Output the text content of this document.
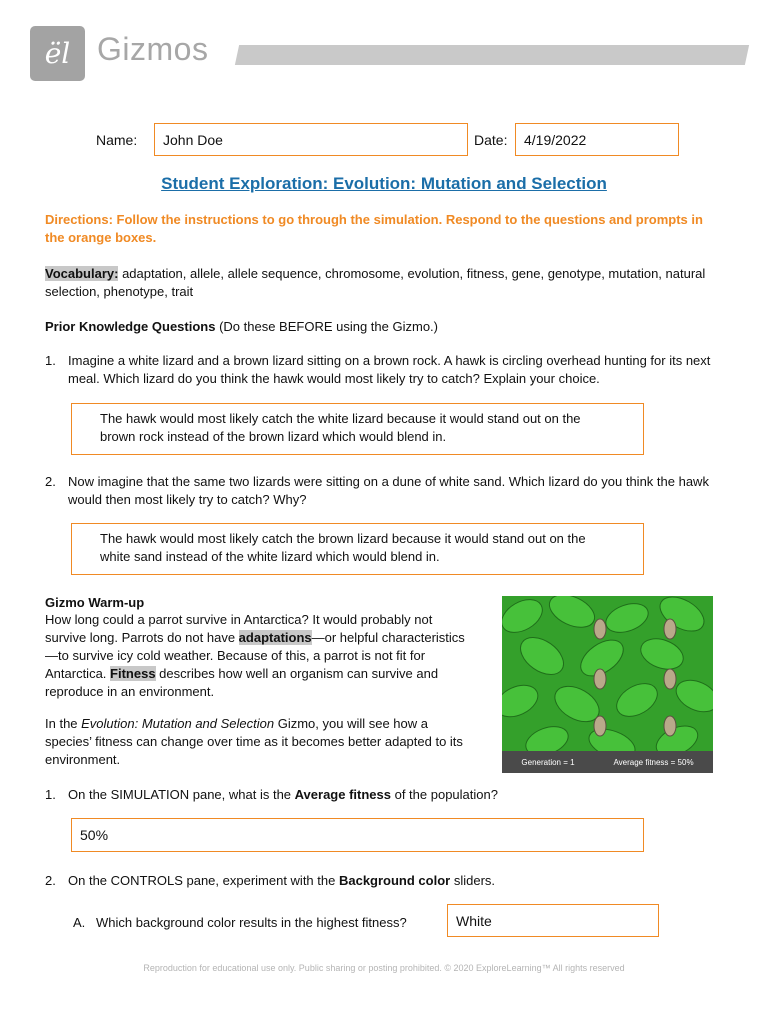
ël Gizmos
Name:	John Doe	Date:	4/19/2022
Student Exploration: Evolution: Mutation and Selection
Directions: Follow the instructions to go through the simulation. Respond to the questions and prompts in the orange boxes.
Vocabulary: adaptation, allele, allele sequence, chromosome, evolution, fitness, gene, genotype, mutation, natural selection, phenotype, trait
Prior Knowledge Questions (Do these BEFORE using the Gizmo.)
1. Imagine a white lizard and a brown lizard sitting on a brown rock. A hawk is circling overhead hunting for its next meal. Which lizard do you think the hawk would most likely try to catch? Explain your choice.
The hawk would most likely catch the white lizard because it would stand out on the brown rock instead of the brown lizard which would blend in.
2. Now imagine that the same two lizards were sitting on a dune of white sand. Which lizard do you think the hawk would then most likely try to catch? Why?
The hawk would most likely catch the brown lizard because it would stand out on the white sand instead of the white lizard which would blend in.
Gizmo Warm-up
How long could a parrot survive in Antarctica? It would probably not survive long. Parrots do not have adaptations—or helpful characteristics—to survive icy cold weather. Because of this, a parrot is not fit for Antarctica. Fitness describes how well an organism can survive and reproduce in an environment.
In the Evolution: Mutation and Selection Gizmo, you will see how a species’ fitness can change over time as it becomes better adapted to its environment.	Generation = 1	Average fitness = 50%
1. On the SIMULATION pane, what is the Average fitness of the population?
50%
2. On the CONTROLS pane, experiment with the Background color sliders.
A. Which background color results in the highest fitness?	White
Reproduction for educational use only. Public sharing or posting prohibited. © 2020 ExploreLearning™ All rights reserved
